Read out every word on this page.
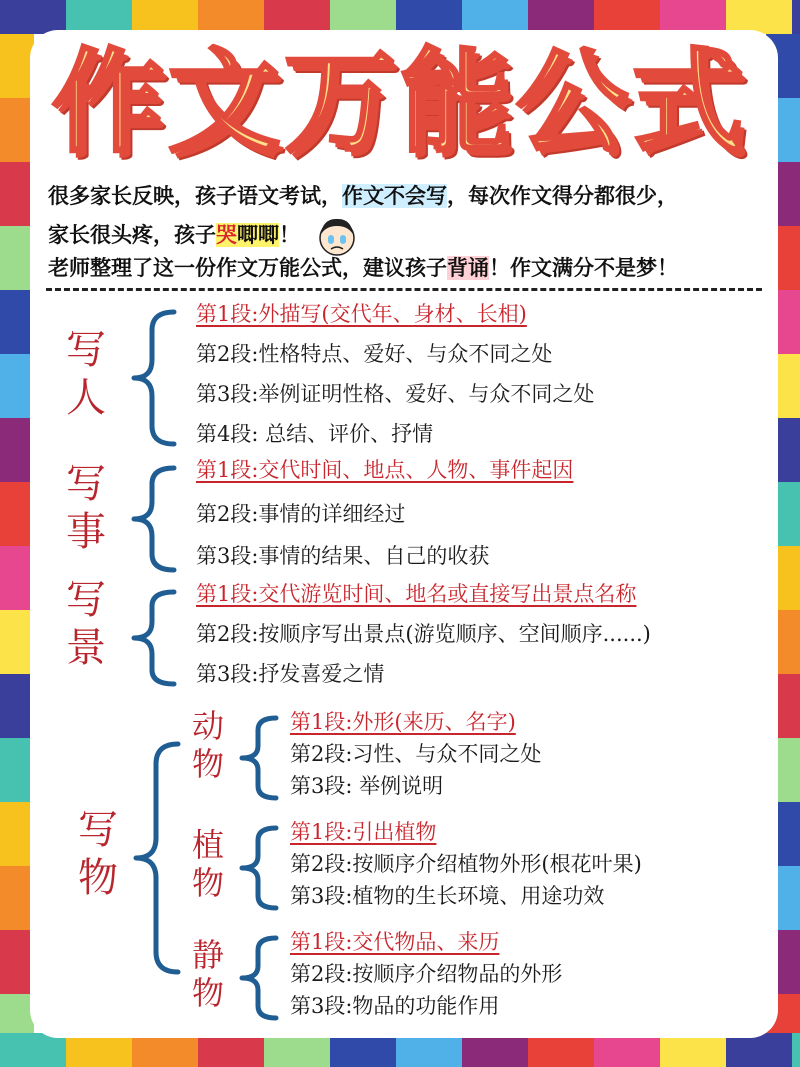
作文万能公式
很多家长反映，孩子语文考试，作文不会写，每次作文得分都很少，
家长很头疼，孩子哭唧唧！
老师整理了这一份作文万能公式，建议孩子背诵！作文满分不是梦！
写人
第1段:外描写(交代年、身材、长相)
第2段:性格特点、爱好、与众不同之处
第3段:举例证明性格、爱好、与众不同之处
第4段: 总结、评价、抒情
写事
第1段:交代时间、地点、人物、事件起因
第2段:事情的详细经过
第3段:事情的结果、自己的收获
写景
第1段:交代游览时间、地名或直接写出景点名称
第2段:按顺序写出景点(游览顺序、空间顺序......)
第3段:抒发喜爱之情
写物
动物
第1段:外形(来历、名字)
第2段:习性、与众不同之处
第3段: 举例说明
植物
第1段:引出植物
第2段:按顺序介绍植物外形(根花叶果)
第3段:植物的生长环境、用途功效
静物
第1段:交代物品、来历
第2段:按顺序介绍物品的外形
第3段:物品的功能作用
